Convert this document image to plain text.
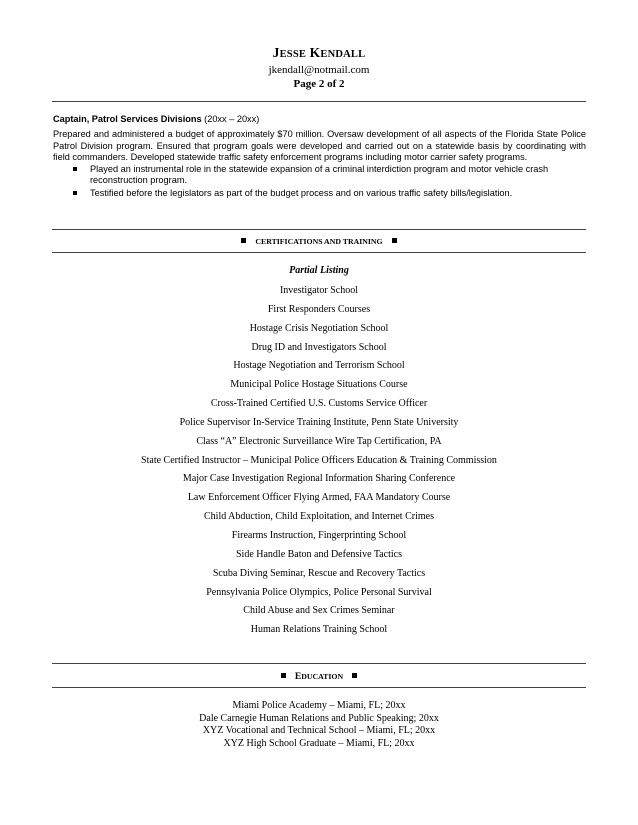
JESSE KENDALL
jkendall@notmail.com
Page 2 of 2

Captain, Patrol Services Divisions (20xx – 20xx)

Prepared and administered a budget of approximately $70 million. Oversaw development of all aspects of the Florida State Police Patrol Division program. Ensured that program goals were developed and carried out on a statewide basis by coordinating with field commanders. Developed statewide traffic safety enforcement programs including motor carrier safety programs.

Played an instrumental role in the statewide expansion of a criminal interdiction program and motor vehicle crash reconstruction program.
Testified before the legislators as part of the budget process and on various traffic safety bills/legislation.
CERTIFICATIONS AND TRAINING
Partial Listing
Investigator School
First Responders Courses
Hostage Crisis Negotiation School
Drug ID and Investigators School
Hostage Negotiation and Terrorism School
Municipal Police Hostage Situations Course
Cross-Trained Certified U.S. Customs Service Officer
Police Supervisor In-Service Training Institute, Penn State University
Class “A” Electronic Surveillance Wire Tap Certification, PA
State Certified Instructor – Municipal Police Officers Education & Training Commission
Major Case Investigation Regional Information Sharing Conference
Law Enforcement Officer Flying Armed, FAA Mandatory Course
Child Abduction, Child Exploitation, and Internet Crimes
Firearms Instruction, Fingerprinting School
Side Handle Baton and Defensive Tactics
Scuba Diving Seminar, Rescue and Recovery Tactics
Pennsylvania Police Olympics, Police Personal Survival
Child Abuse and Sex Crimes Seminar
Human Relations Training School
EDUCATION
Miami Police Academy – Miami, FL; 20xx
Dale Carnegie Human Relations and Public Speaking; 20xx
XYZ Vocational and Technical School – Miami, FL; 20xx
XYZ High School Graduate – Miami, FL; 20xx
